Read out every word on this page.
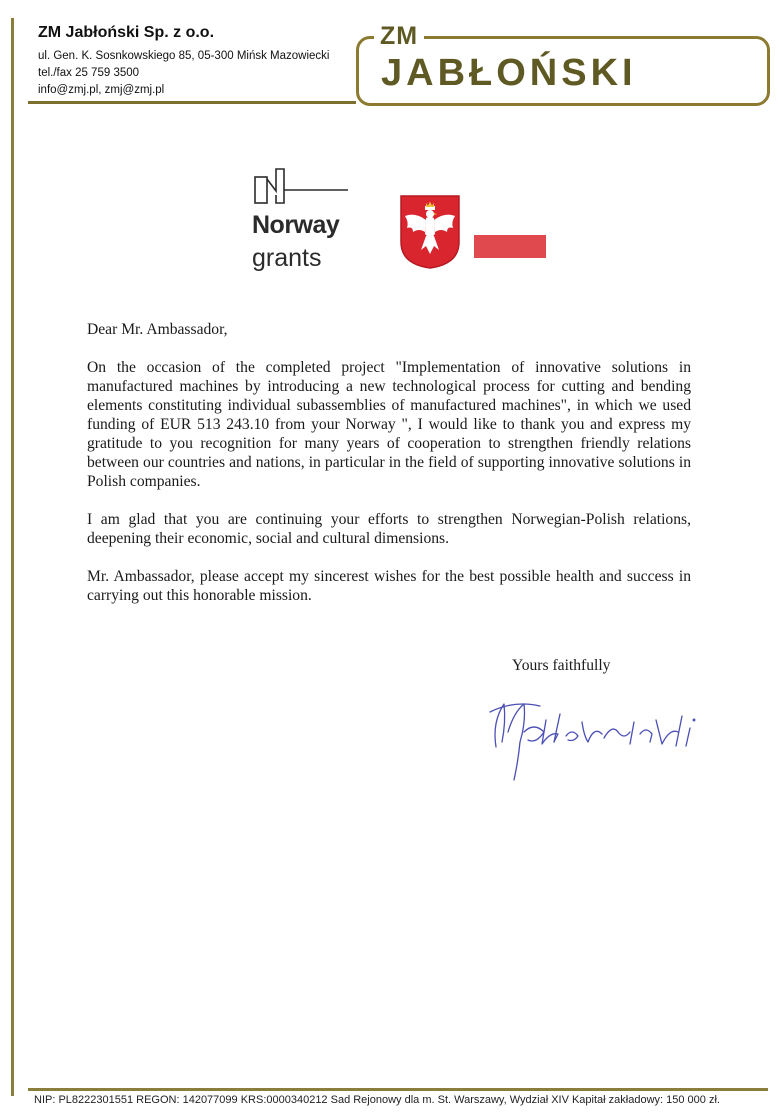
ZM Jabłoński Sp. z o.o.
ul. Gen. K. Sosnkowskiego 85, 05-300 Mińsk Mazowiecki
tel./fax 25 759 3500
info@zmj.pl, zmj@zmj.pl
ZM
JABŁOŃSKI
Norway
grants

Dear Mr. Ambassador,

On the occasion of the completed project "Implementation of innovative solutions in manufactured machines by introducing a new technological process for cutting and bending elements constituting individual subassemblies of manufactured machines", in which we used funding of EUR 513 243.10 from your Norway ", I would like to thank you and express my gratitude to you recognition for many years of cooperation to strengthen friendly relations between our countries and nations, in particular in the field of supporting innovative solutions in Polish companies.

I am glad that you are continuing your efforts to strengthen Norwegian-Polish relations, deepening their economic, social and cultural dimensions.

Mr. Ambassador, please accept my sincerest wishes for the best possible health and success in carrying out this honorable mission.

Yours faithfully
NIP: PL8222301551 REGON: 142077099 KRS:0000340212 Sad Rejonowy dla m. St. Warszawy, Wydział XIV Kapitał zakładowy: 150 000 zł.
